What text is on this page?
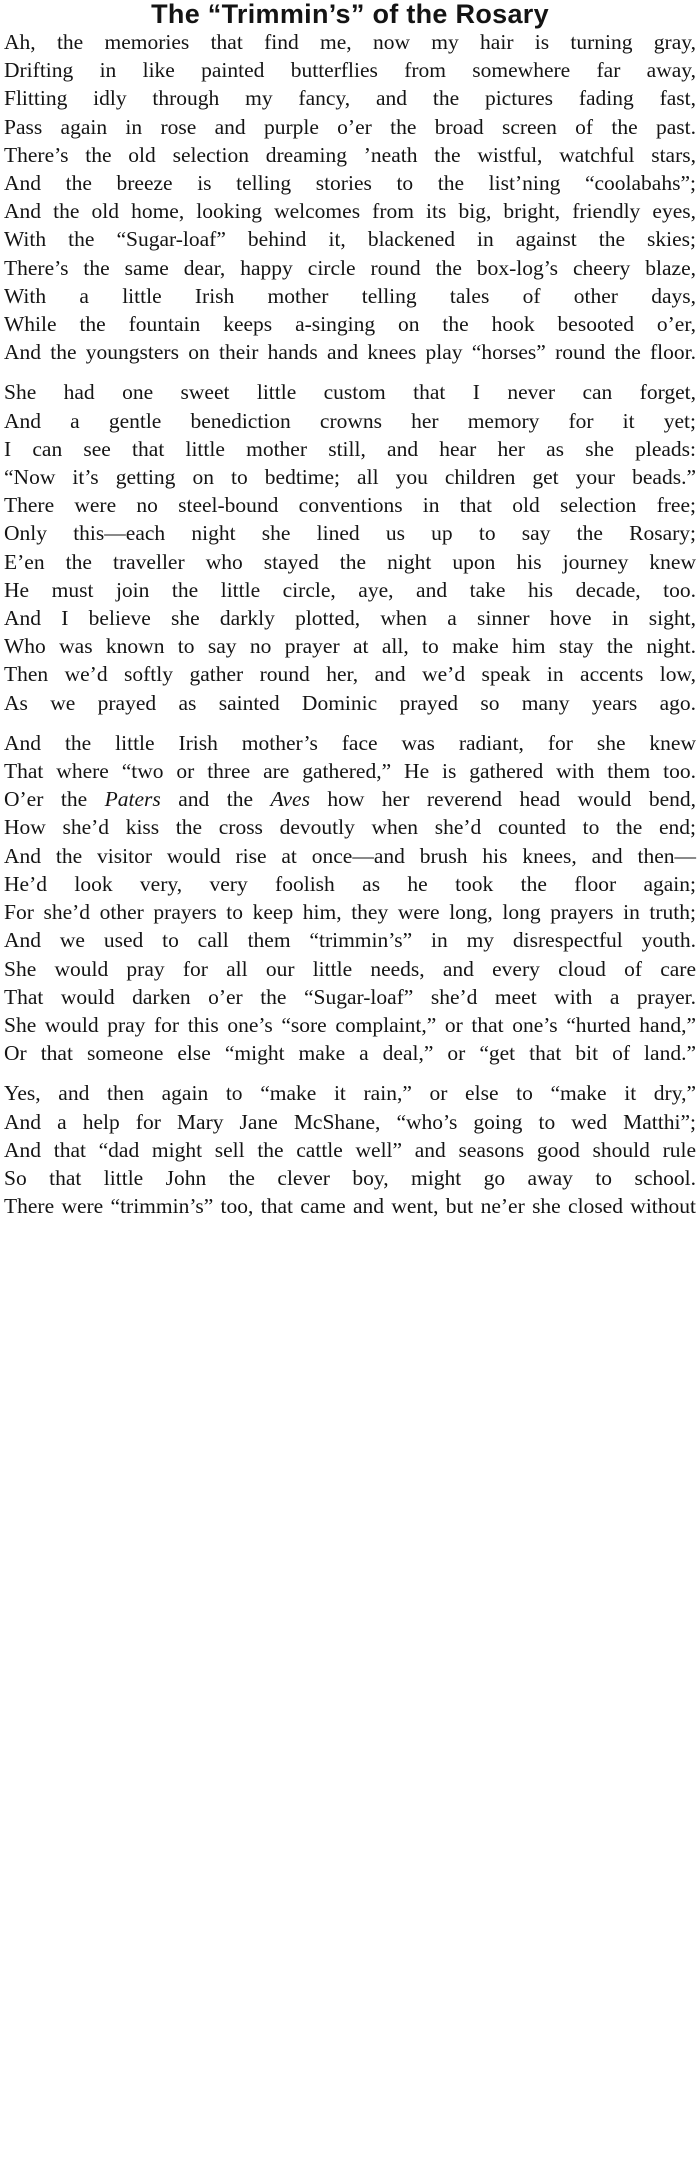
The “Trimmin’s” of the Rosary

Ah, the memories that find me, now my hair is turning gray,

Drifting in like painted butterflies from somewhere far away,

Flitting idly through my fancy, and the pictures fading fast,

Pass again in rose and purple o’er the broad screen of the past.

There’s the old selection dreaming ’neath the wistful, watchful stars,

And the breeze is telling stories to the list’ning “coolabahs”;

And the old home, looking welcomes from its big, bright, friendly eyes,

With the “Sugar-loaf” behind it, blackened in against the skies;

There’s the same dear, happy circle round the box-log’s cheery blaze,

With a little Irish mother telling tales of other days,

While the fountain keeps a-singing on the hook besooted o’er,

And the youngsters on their hands and knees play “horses” round the floor.

She had one sweet little custom that I never can forget,

And a gentle benediction crowns her memory for it yet;

I can see that little mother still, and hear her as she pleads:

“Now it’s getting on to bedtime; all you children get your beads.”

There were no steel-bound conventions in that old selection free;

Only this—each night she lined us up to say the Rosary;

E’en the traveller who stayed the night upon his journey knew

He must join the little circle, aye, and take his decade, too.

And I believe she darkly plotted, when a sinner hove in sight,

Who was known to say no prayer at all, to make him stay the night.

Then we’d softly gather round her, and we’d speak in accents low,

As we prayed as sainted Dominic prayed so many years ago.

And the little Irish mother’s face was radiant, for she knew

That where “two or three are gathered,” He is gathered with them too.

O’er the Paters and the Aves how her reverend head would bend,

How she’d kiss the cross devoutly when she’d counted to the end;

And the visitor would rise at once—and brush his knees, and then—

He’d look very, very foolish as he took the floor again;

For she’d other prayers to keep him, they were long, long prayers in truth;

And we used to call them “trimmin’s” in my disrespectful youth.

She would pray for all our little needs, and every cloud of care

That would darken o’er the “Sugar-loaf” she’d meet with a prayer.

She would pray for this one’s “sore complaint,” or that one’s “hurted hand,”

Or that someone else “might make a deal,” or “get that bit of land.”

Yes, and then again to “make it rain,” or else to “make it dry,”

And a help for Mary Jane McShane, “who’s going to wed Matthi”;

And that “dad might sell the cattle well” and seasons good should rule

So that little John the clever boy, might go away to school.

There were “trimmin’s” too, that came and went, but ne’er she closed without
